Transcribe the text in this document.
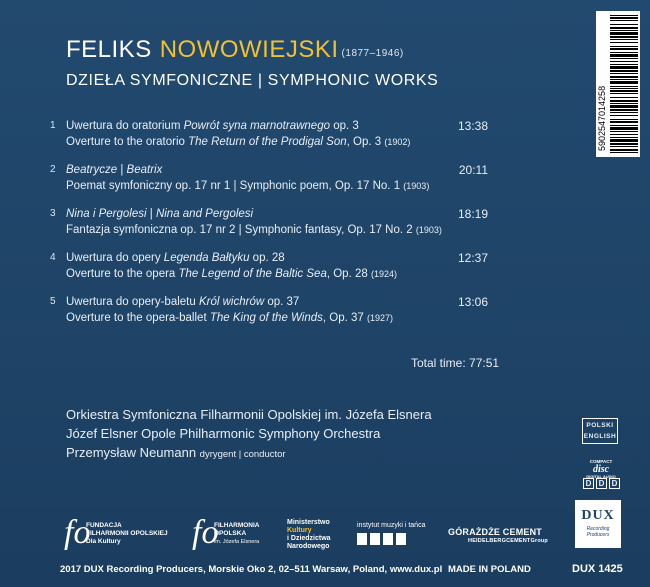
FELIKS NOWOWIEJSKI (1877–1946)
DZIEŁA SYMFONICZNE | SYMPHONIC WORKS
1 Uwertura do oratorium Powrót syna marnotrawnego op. 3
Overture to the oratorio The Return of the Prodigal Son, Op. 3 (1902)
13:38
2 Beatrycze | Beatrix
Poemat symfoniczny op. 17 nr 1 | Symphonic poem, Op. 17 No. 1 (1903)
20:11
3 Nina i Pergolesi | Nina and Pergolesi
Fantazja symfoniczna op. 17 nr 2 | Symphonic fantasy, Op. 17 No. 2 (1903)
18:19
4 Uwertura do opery Legenda Bałtyku op. 28
Overture to the opera The Legend of the Baltic Sea, Op. 28 (1924)
12:37
5 Uwertura do opery-baletu Król wichrów op. 37
Overture to the opera-ballet The King of the Winds, Op. 37 (1927)
13:06
Total time: 77:51
Orkiestra Symfoniczna Filharmonii Opolskiej im. Józefa Elsnera
Józef Elsner Opole Philharmonic Symphony Orchestra
Przemysław Neumann dyrygent | conductor
5902547014258
POLSKI
ENGLISH
COMPACT
disc
DIGITAL AUDIO
D D D
DUX
Recording Producers
fo
FUNDACJA
FILHARMONII OPOLSKIEJ
Dla Kultury	fo
FILHARMONIA
OPOLSKA
im. Józefa Elsnera
Ministerstwo
Kultury
i Dziedzictwa
Narodowego
instytut muzyki i tańca
GÓRAŻDŻE CEMENT
HEIDELBERGCEMENTGroup
2017 DUX Recording Producers, Morskie Oko 2, 02–511 Warsaw, Poland, www.dux.pl MADE IN POLAND	DUX 1425
